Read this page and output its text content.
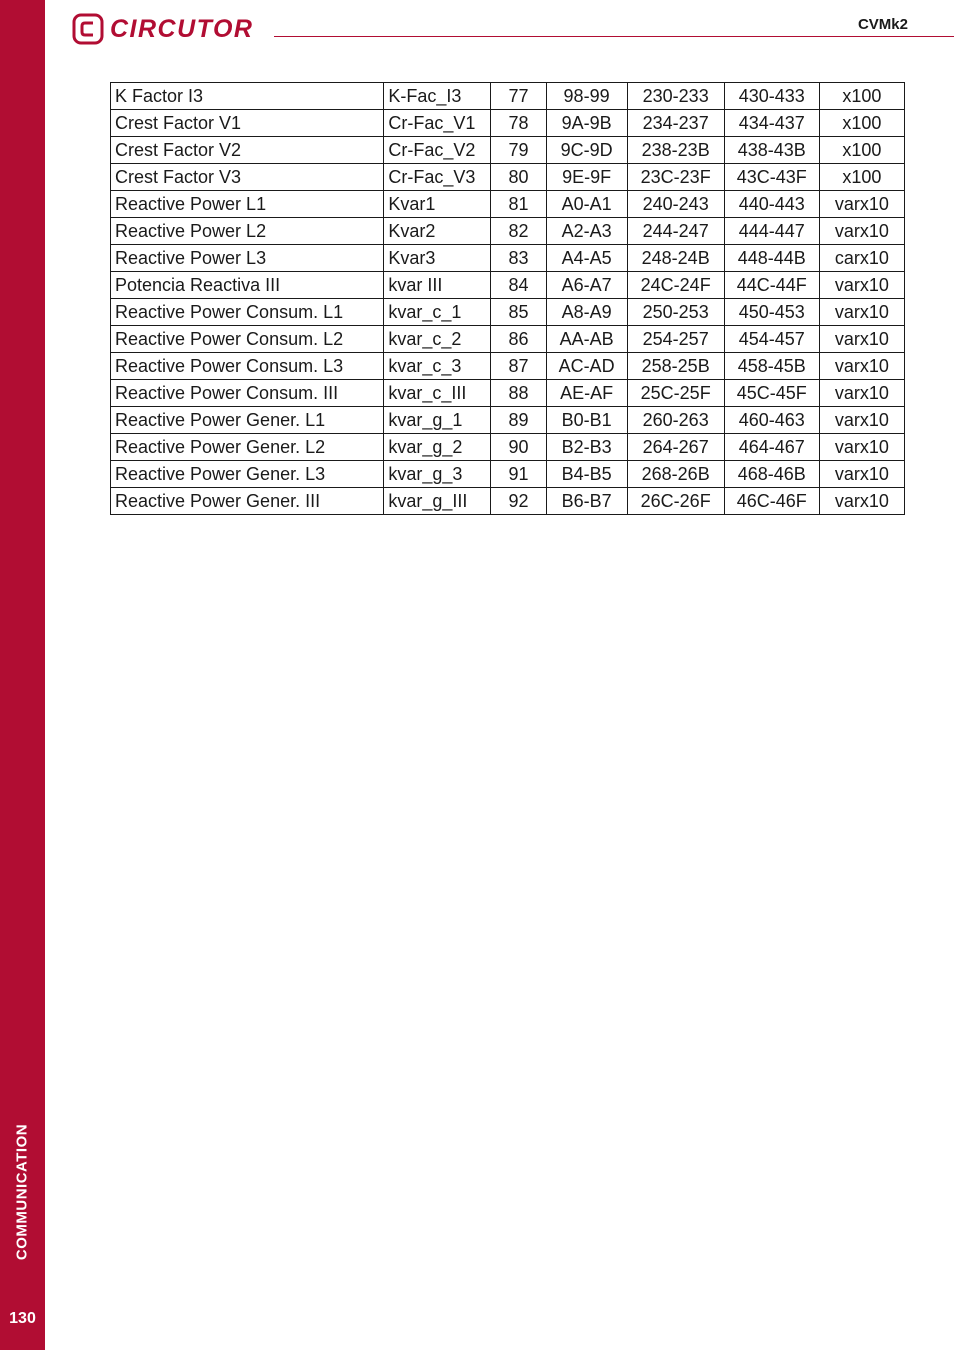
COMMUNICATION
130
CIRCUTOR	CVMk2
K Factor I3	K-Fac_I3	77	98-99	230-233	430-433	x100
Crest Factor V1	Cr-Fac_V1	78	9A-9B	234-237	434-437	x100
Crest Factor V2	Cr-Fac_V2	79	9C-9D	238-23B	438-43B	x100
Crest Factor V3	Cr-Fac_V3	80	9E-9F	23C-23F	43C-43F	x100
Reactive Power L1	Kvar1	81	A0-A1	240-243	440-443	varx10
Reactive Power L2	Kvar2	82	A2-A3	244-247	444-447	varx10
Reactive Power L3	Kvar3	83	A4-A5	248-24B	448-44B	carx10
Potencia Reactiva III	kvar III	84	A6-A7	24C-24F	44C-44F	varx10
Reactive Power Consum. L1	kvar_c_1	85	A8-A9	250-253	450-453	varx10
Reactive Power Consum. L2	kvar_c_2	86	AA-AB	254-257	454-457	varx10
Reactive Power Consum. L3	kvar_c_3	87	AC-AD	258-25B	458-45B	varx10
Reactive Power Consum. III	kvar_c_III	88	AE-AF	25C-25F	45C-45F	varx10
Reactive Power Gener. L1	kvar_g_1	89	B0-B1	260-263	460-463	varx10
Reactive Power Gener. L2	kvar_g_2	90	B2-B3	264-267	464-467	varx10
Reactive Power Gener. L3	kvar_g_3	91	B4-B5	268-26B	468-46B	varx10
Reactive Power Gener. III	kvar_g_III	92	B6-B7	26C-26F	46C-46F	varx10
